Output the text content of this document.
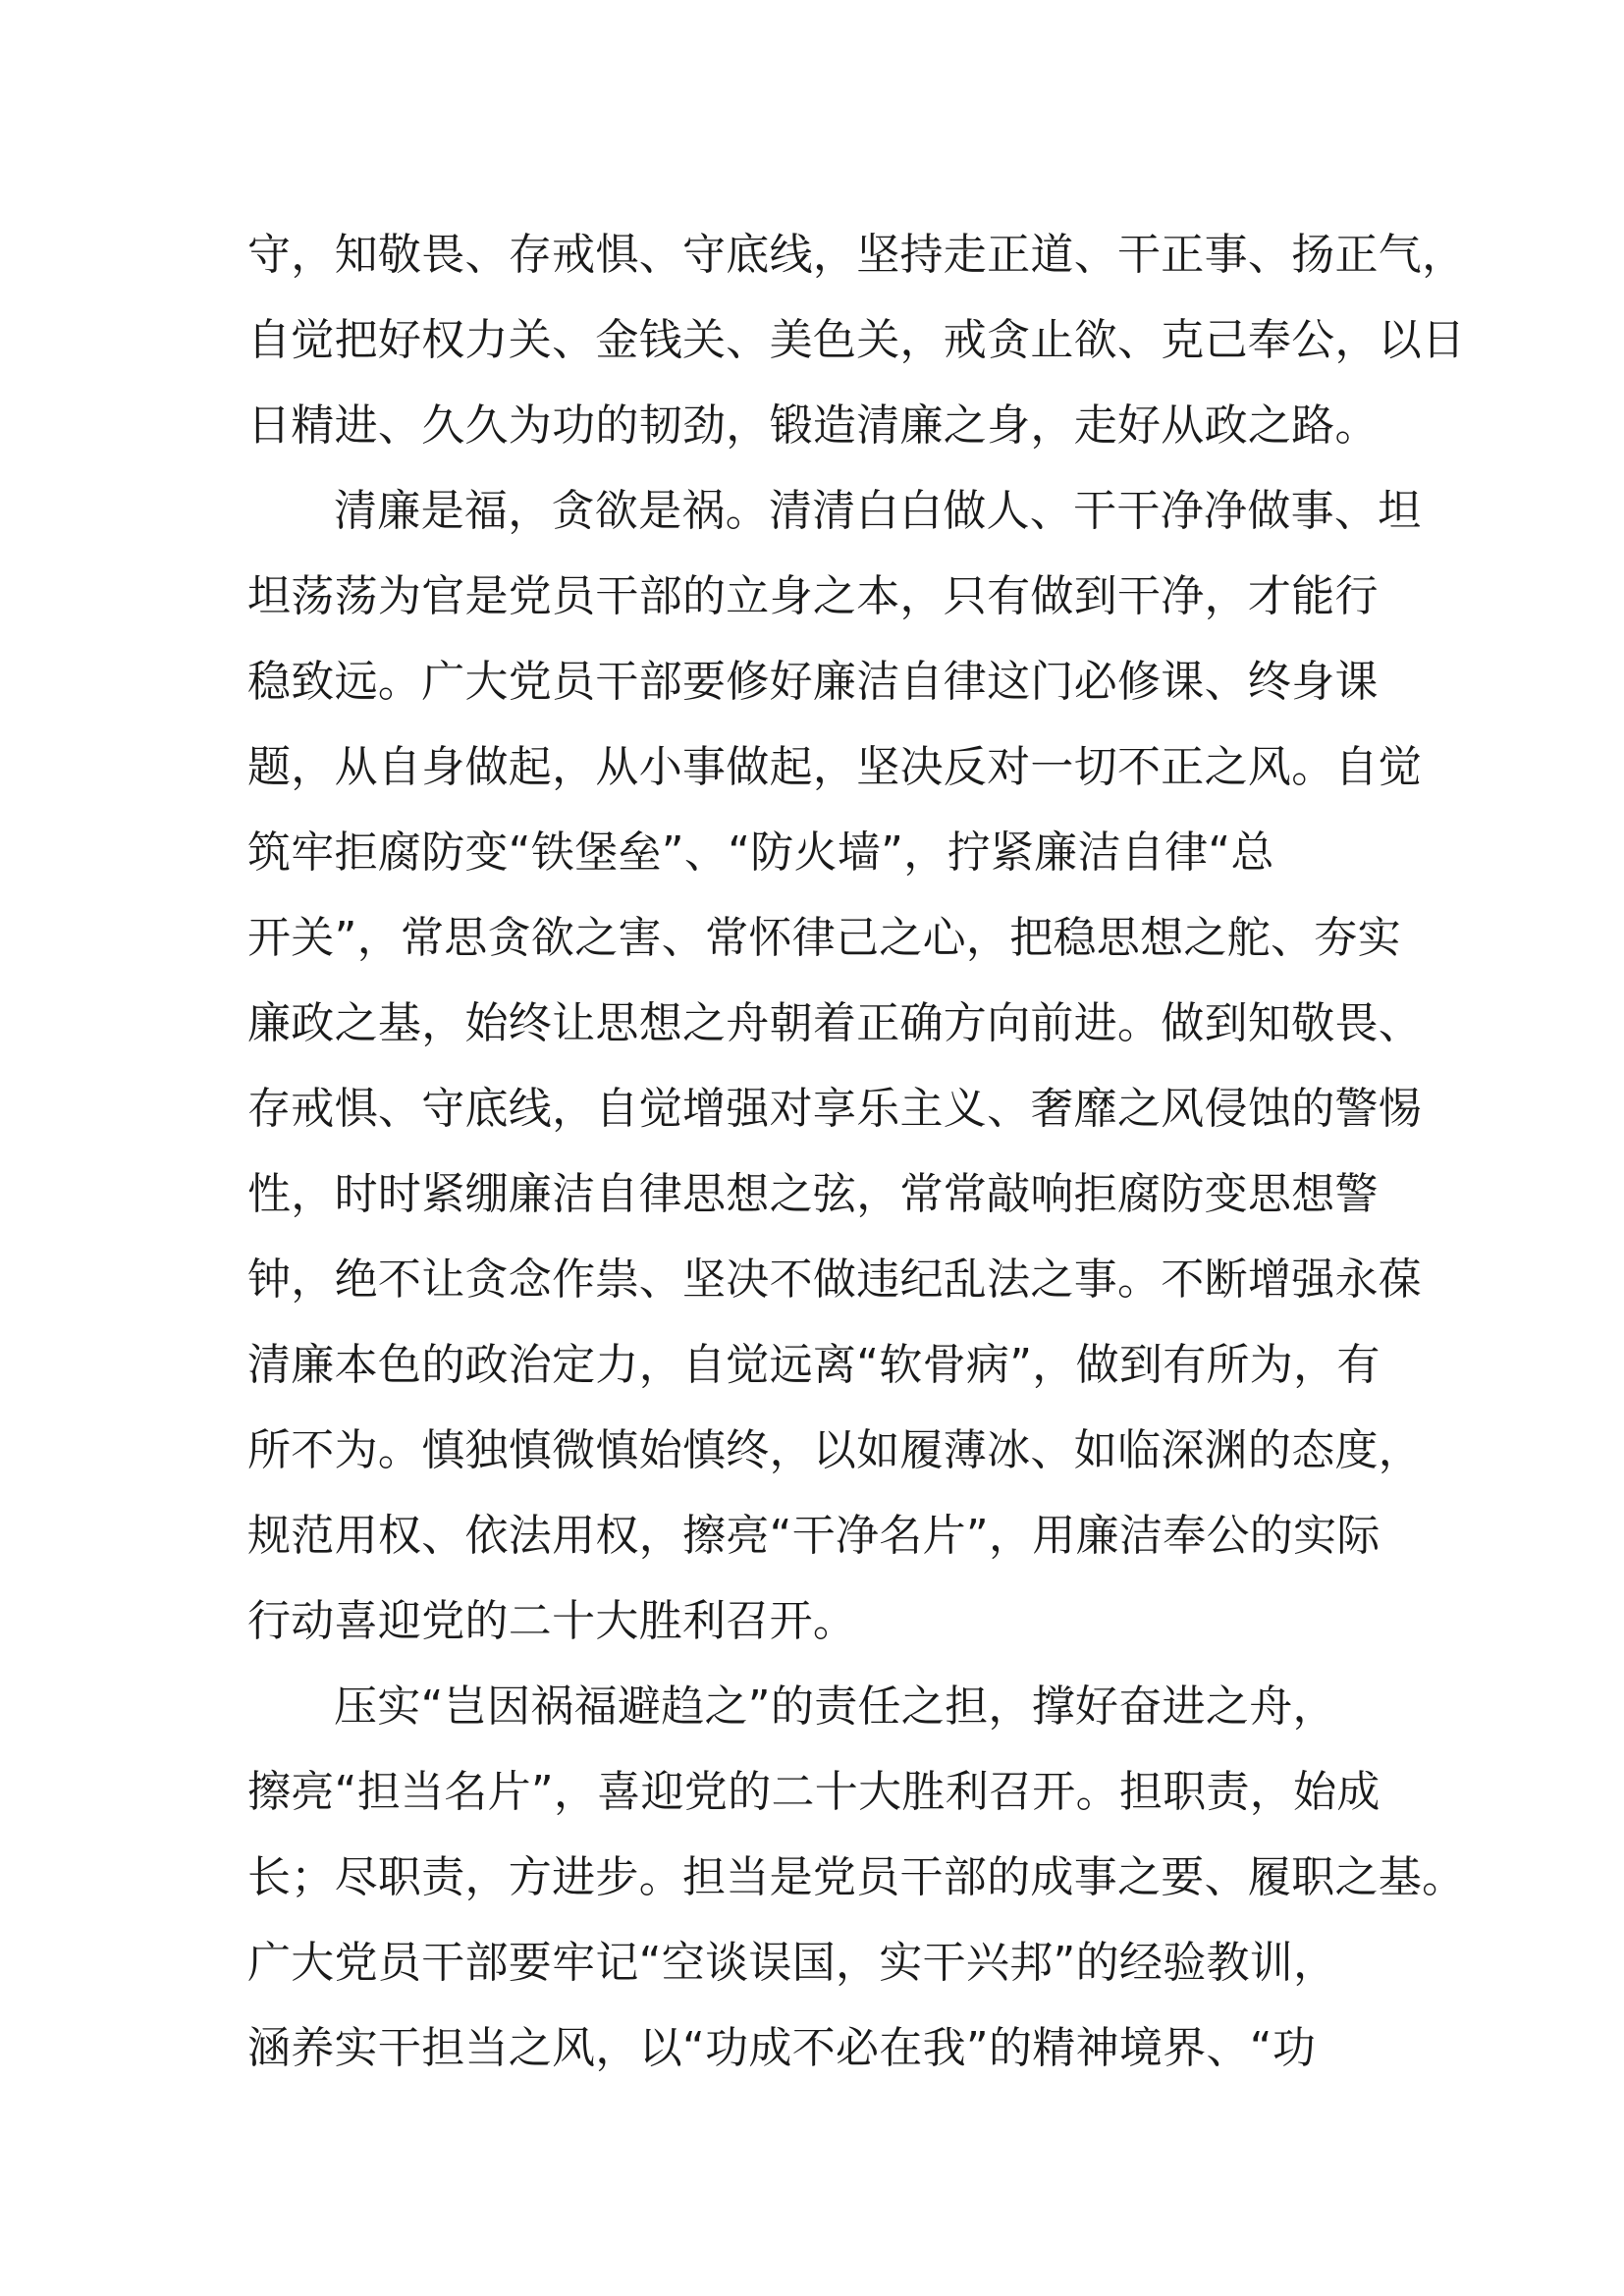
守，知敬畏、存戒惧、守底线，坚持走正道、干正事、扬正气，
自觉把好权力关、金钱关、美色关，戒贪止欲、克己奉公，以日
日精进、久久为功的韧劲，锻造清廉之身，走好从政之路。
清廉是福，贪欲是祸。清清白白做人、干干净净做事、坦
坦荡荡为官是党员干部的立身之本，只有做到干净，才能行
稳致远。广大党员干部要修好廉洁自律这门必修课、终身课
题，从自身做起，从小事做起，坚决反对一切不正之风。自觉
筑牢拒腐防变“铁堡垒”、“防火墙”，拧紧廉洁自律“总
开关”，常思贪欲之害、常怀律己之心，把稳思想之舵、夯实
廉政之基，始终让思想之舟朝着正确方向前进。做到知敬畏、
存戒惧、守底线，自觉增强对享乐主义、奢靡之风侵蚀的警惕
性，时时紧绷廉洁自律思想之弦，常常敲响拒腐防变思想警
钟，绝不让贪念作祟、坚决不做违纪乱法之事。不断增强永葆
清廉本色的政治定力，自觉远离“软骨病”，做到有所为，有
所不为。慎独慎微慎始慎终，以如履薄冰、如临深渊的态度，
规范用权、依法用权，擦亮“干净名片”，用廉洁奉公的实际
行动喜迎党的二十大胜利召开。
压实“岂因祸福避趋之”的责任之担，撑好奋进之舟，
擦亮“担当名片”，喜迎党的二十大胜利召开。担职责，始成
长；尽职责，方进步。担当是党员干部的成事之要、履职之基。
广大党员干部要牢记“空谈误国，实干兴邦”的经验教训，
涵养实干担当之风，以“功成不必在我”的精神境界、“功
